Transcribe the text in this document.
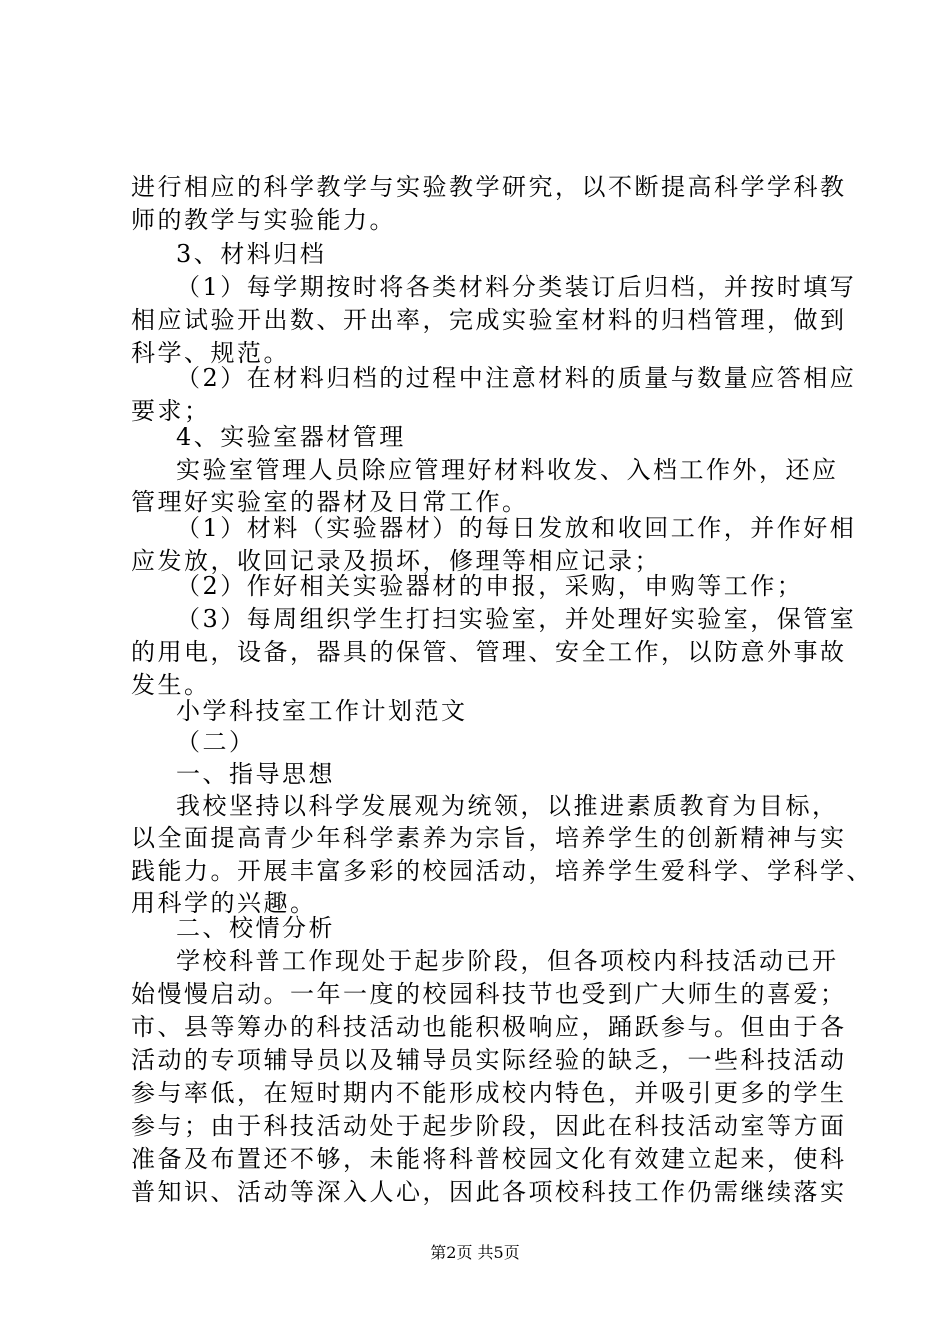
进行相应的科学教学与实验教学研究，以不断提高科学学科教
师的教学与实验能力。
3、材料归档
（1）每学期按时将各类材料分类装订后归档，并按时填写
相应试验开出数、开出率，完成实验室材料的归档管理，做到
科学、规范。
（2）在材料归档的过程中注意材料的质量与数量应答相应
要求；
4、实验室器材管理
实验室管理人员除应管理好材料收发、入档工作外，还应
管理好实验室的器材及日常工作。
（1）材料（实验器材）的每日发放和收回工作，并作好相
应发放，收回记录及损坏，修理等相应记录；
（2）作好相关实验器材的申报，采购，申购等工作；
（3）每周组织学生打扫实验室，并处理好实验室，保管室
的用电，设备，器具的保管、管理、安全工作，以防意外事故
发生。
小学科技室工作计划范文
（二）
一、指导思想
我校坚持以科学发展观为统领，以推进素质教育为目标，
以全面提高青少年科学素养为宗旨，培养学生的创新精神与实
践能力。开展丰富多彩的校园活动，培养学生爱科学、学科学、
用科学的兴趣。
二、校情分析
学校科普工作现处于起步阶段，但各项校内科技活动已开
始慢慢启动。一年一度的校园科技节也受到广大师生的喜爱；
市、县等筹办的科技活动也能积极响应，踊跃参与。但由于各
活动的专项辅导员以及辅导员实际经验的缺乏，一些科技活动
参与率低，在短时期内不能形成校内特色，并吸引更多的学生
参与；由于科技活动处于起步阶段，因此在科技活动室等方面
准备及布置还不够，未能将科普校园文化有效建立起来，使科
普知识、活动等深入人心，因此各项校科技工作仍需继续落实
第2页 共5页
